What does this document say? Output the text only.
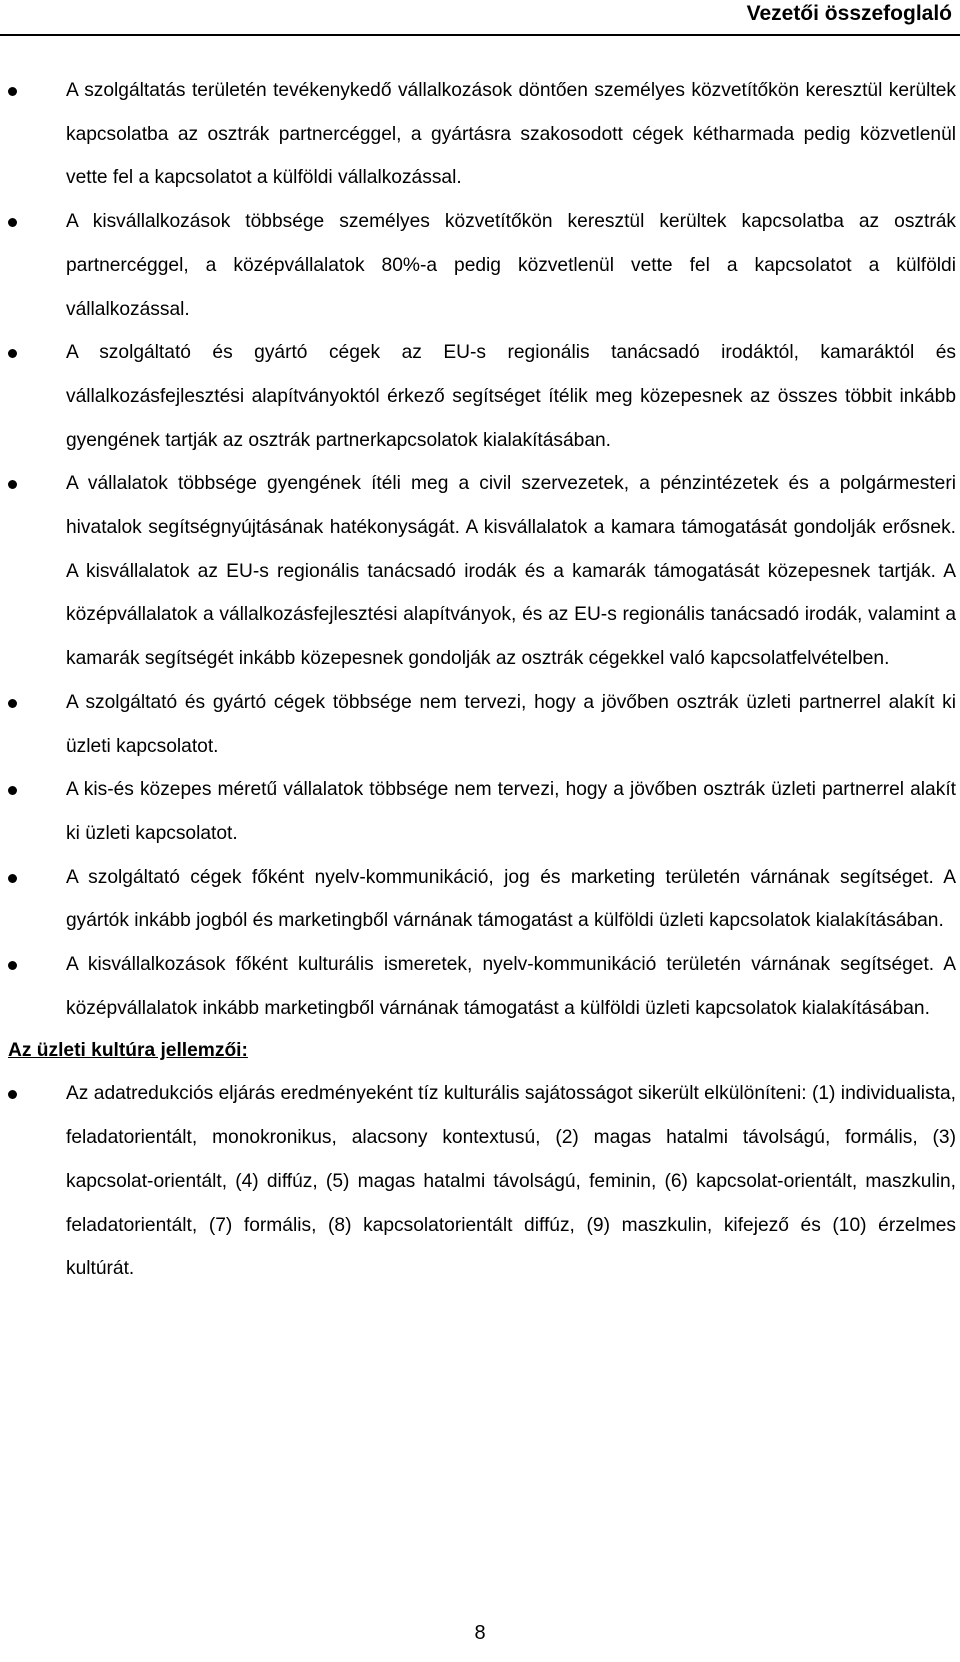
Vezetői összefoglaló
A szolgáltatás területén tevékenykedő vállalkozások döntően személyes közvetítőkön keresztül kerültek kapcsolatba az osztrák partnercéggel, a gyártásra szakosodott cégek kétharmada pedig közvetlenül vette fel a kapcsolatot a külföldi vállalkozással.
A kisvállalkozások többsége személyes közvetítőkön keresztül kerültek kapcsolatba az osztrák partnercéggel, a középvállalatok 80%-a pedig közvetlenül vette fel a kapcsolatot a külföldi vállalkozással.
A szolgáltató és gyártó cégek az EU-s regionális tanácsadó irodáktól, kamaráktól és vállalkozásfejlesztési alapítványoktól érkező segítséget ítélik meg közepesnek az összes többit inkább gyengének tartják az osztrák partnerkapcsolatok kialakításában.
A vállalatok többsége gyengének ítéli meg a civil szervezetek, a pénzintézetek és a polgármesteri hivatalok segítségnyújtásának hatékonyságát. A kisvállalatok a kamara támogatását gondolják erősnek. A kisvállalatok az EU-s regionális tanácsadó irodák és a kamarák támogatását közepesnek tartják. A középvállalatok a vállalkozásfejlesztési alapítványok, és az EU-s regionális tanácsadó irodák, valamint a kamarák segítségét inkább közepesnek gondolják az osztrák cégekkel való kapcsolatfelvételben.
A szolgáltató és gyártó cégek többsége nem tervezi, hogy a jövőben osztrák üzleti partnerrel alakít ki üzleti kapcsolatot.
A kis-és közepes méretű vállalatok többsége nem tervezi, hogy a jövőben osztrák üzleti partnerrel alakít ki üzleti kapcsolatot.
A szolgáltató cégek főként nyelv-kommunikáció, jog és marketing területén várnának segítséget. A gyártók inkább jogból és marketingből várnának támogatást a külföldi üzleti kapcsolatok kialakításában.
A kisvállalkozások főként kulturális ismeretek, nyelv-kommunikáció területén várnának segítséget. A középvállalatok inkább marketingből várnának támogatást a külföldi üzleti kapcsolatok kialakításában.
Az üzleti kultúra jellemzői:
Az adatredukciós eljárás eredményeként tíz kulturális sajátosságot sikerült elkülöníteni: (1) individualista, feladatorientált, monokronikus, alacsony kontextusú, (2) magas hatalmi távolságú, formális, (3) kapcsolat-orientált, (4) diffúz, (5) magas hatalmi távolságú, feminin, (6) kapcsolat-orientált, maszkulin, feladatorientált, (7) formális, (8) kapcsolatorientált diffúz, (9) maszkulin, kifejező és (10) érzelmes kultúrát.
8
